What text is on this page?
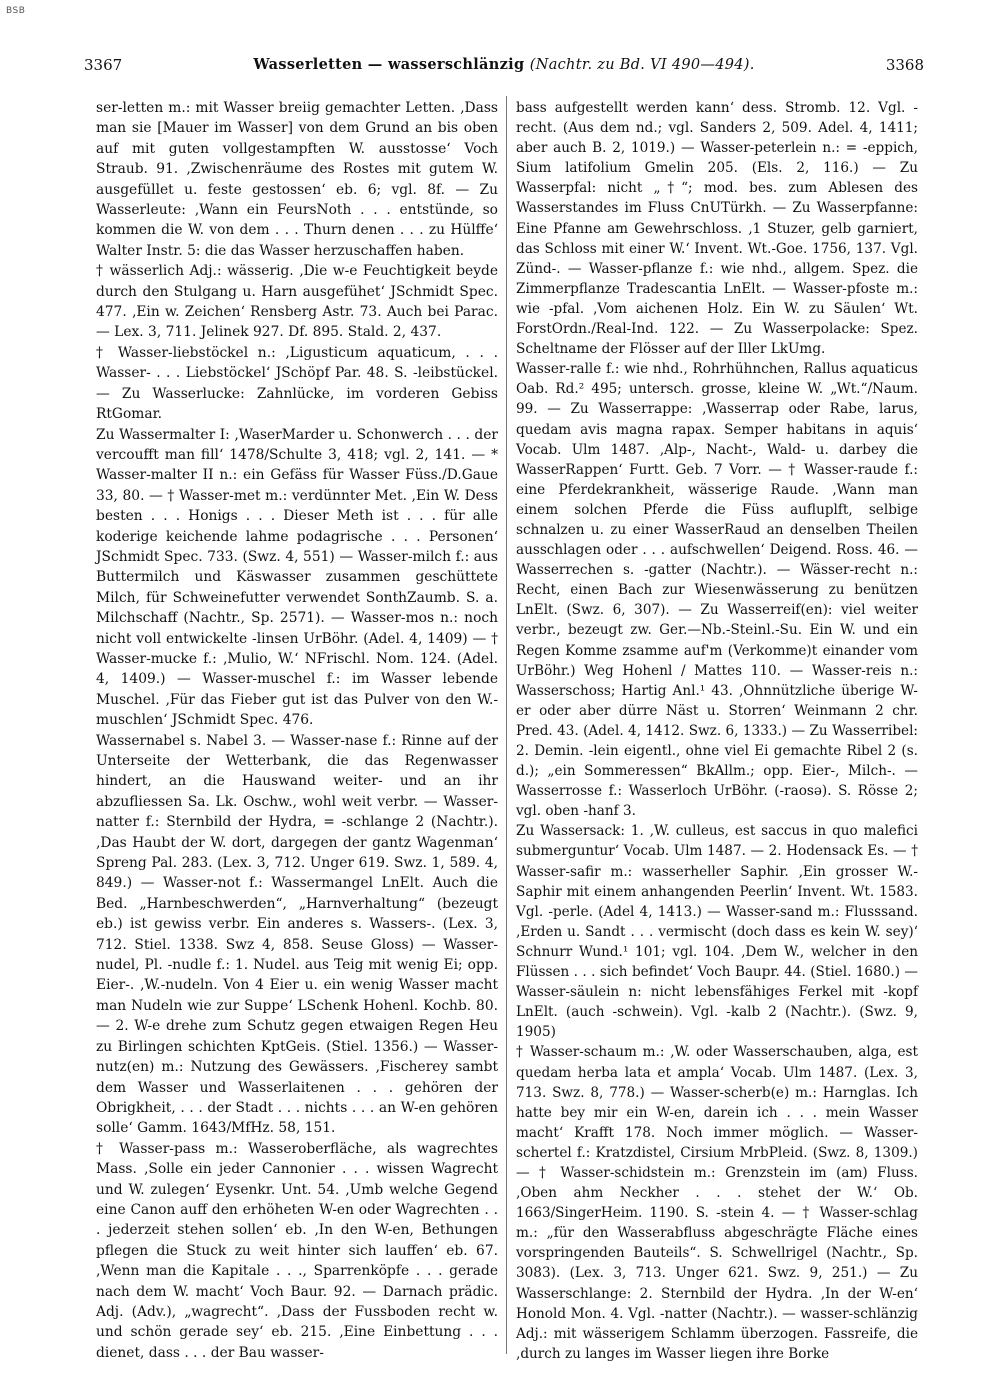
BSB
3367	Wasserletten — wasserschlänzig (Nachtr. zu Bd. VI 490—494).	3368

ser-letten m.: mit Wasser breiig gemachter Letten. ‚Dass man sie [Mauer im Wasser] von dem Grund an bis oben auf mit guten vollgestampften W. ausstosse‘ Voch Straub. 91. ‚Zwischenräume des Rostes mit gutem W. ausgefüllet u. feste gestossen‘ eb. 6; vgl. 8f. — Zu Wasserleute: ‚Wann ein FeursNoth . . . entstünde, so kommen die W. von dem . . . Thurn denen . . . zu Hülffe‘ Walter Instr. 5: die das Wasser herzuschaffen haben.

† wässerlich Adj.: wässerig. ‚Die w-e Feuchtigkeit beyde durch den Stulgang u. Harn ausgefühet‘ JSchmidt Spec. 477. ‚Ein w. Zeichen‘ Rensberg Astr. 73. Auch bei Parac. — Lex. 3, 711. Jelinek 927. Df. 895. Stald. 2, 437.

† Wasser-liebstöckel n.: ‚Ligusticum aquaticum, . . . Wasser- . . . Liebstöckel‘ JSchöpf Par. 48. S. -leibstückel. — Zu Wasserlucke: Zahnlücke, im vorderen Gebiss RtGomar.

Zu Wassermalter I: ‚WaserMarder u. Schonwerch . . . der vercoufft man fill‘ 1478/Schulte 3, 418; vgl. 2, 141. — * Wasser-malter II n.: ein Gefäss für Wasser Füss./D.Gaue 33, 80. — † Wasser-met m.: verdünnter Met. ‚Ein W. Dess besten . . . Honigs . . . Dieser Meth ist . . . für alle koderige keichende lahme podagrische . . . Personen‘ JSchmidt Spec. 733. (Swz. 4, 551) — Wasser-milch f.: aus Buttermilch und Käswasser zusammen geschüttete Milch, für Schweinefutter verwendet SonthZaumb. S. a. Milchschaff (Nachtr., Sp. 2571). — Wasser-mos n.: noch nicht voll entwickelte -linsen UrBöhr. (Adel. 4, 1409) — † Wasser-mucke f.: ‚Mulio, W.‘ NFrischl. Nom. 124. (Adel. 4, 1409.) — Wasser-muschel f.: im Wasser lebende Muschel. ‚Für das Fieber gut ist das Pulver von den W.-muschlen‘ JSchmidt Spec. 476.

Wassernabel s. Nabel 3. — Wasser-nase f.: Rinne auf der Unterseite der Wetterbank, die das Regenwasser hindert, an die Hauswand weiter- und an ihr abzufliessen Sa. Lk. Oschw., wohl weit verbr. — Wasser-natter f.: Sternbild der Hydra, = -schlange 2 (Nachtr.). ‚Das Haubt der W. dort, dargegen der gantz Wagenman‘ Spreng Pal. 283. (Lex. 3, 712. Unger 619. Swz. 1, 589. 4, 849.) — Wasser-not f.: Wassermangel LnElt. Auch die Bed. „Harnbeschwerden“, „Harnverhaltung“ (bezeugt eb.) ist gewiss verbr. Ein anderes s. Wassers-. (Lex. 3, 712. Stiel. 1338. Swz 4, 858. Seuse Gloss) — Wasser-nudel, Pl. -nudle f.: 1. Nudel. aus Teig mit wenig Ei; opp. Eier-. ‚W.-nudeln. Von 4 Eier u. ein wenig Wasser macht man Nudeln wie zur Suppe‘ LSchenk Hohenl. Kochb. 80. — 2. W-e drehe zum Schutz gegen etwaigen Regen Heu zu Birlingen schichten KptGeis. (Stiel. 1356.) — Wasser-nutz(en) m.: Nutzung des Gewässers. ‚Fischerey sambt dem Wasser und Wasserlaitenen . . . gehören der Obrigkheit, . . . der Stadt . . . nichts . . . an W-en gehören solle‘ Gamm. 1643/MfHz. 58, 151.

† Wasser-pass m.: Wasseroberfläche, als wagrechtes Mass. ‚Solle ein jeder Cannonier . . . wissen Wagrecht und W. zulegen‘ Eysenkr. Unt. 54. ‚Umb welche Gegend eine Canon auff den erhöheten W-en oder Wagrechten . . . jederzeit stehen sollen‘ eb. ‚In den W-en, Bethungen pflegen die Stuck zu weit hinter sich lauffen‘ eb. 67. ‚Wenn man die Kapitale . . ., Sparrenköpfe . . . gerade nach dem W. macht‘ Voch Baur. 92. — Darnach prädic. Adj. (Adv.), „wagrecht“. ‚Dass der Fussboden recht w. und schön gerade sey‘ eb. 215. ‚Eine Einbettung . . . dienet, dass . . . der Bau wasser-

bass aufgestellt werden kann‘ dess. Stromb. 12. Vgl. -recht. (Aus dem nd.; vgl. Sanders 2, 509. Adel. 4, 1411; aber auch B. 2, 1019.) — Wasser-peterlein n.: = -eppich, Sium latifolium Gmelin 205. (Els. 2, 116.) — Zu Wasserpfal: nicht „†“; mod. bes. zum Ablesen des Wasserstandes im Fluss CnUTürkh. — Zu Wasserpfanne: Eine Pfanne am Gewehrschloss. ‚1 Stuzer, gelb garniert, das Schloss mit einer W.‘ Invent. Wt.-Goe. 1756, 137. Vgl. Zünd-. — Wasser-pflanze f.: wie nhd., allgem. Spez. die Zimmerpflanze Tradescantia LnElt. — Wasser-pfoste m.: wie -pfal. ‚Vom aichenen Holz. Ein W. zu Säulen‘ Wt. ForstOrdn./Real-Ind. 122. — Zu Wasserpolacke: Spez. Scheltname der Flösser auf der Iller LkUmg.

Wasser-ralle f.: wie nhd., Rohrhühnchen, Rallus aquaticus Oab. Rd.² 495; untersch. grosse, kleine W. „Wt.“/Naum. 99. — Zu Wasserrappe: ‚Wasserrap oder Rabe, larus, quedam avis magna rapax. Semper habitans in aquis‘ Vocab. Ulm 1487. ‚Alp-, Nacht-, Wald- u. darbey die WasserRappen‘ Furtt. Geb. 7 Vorr. — † Wasser-raude f.: eine Pferdekrankheit, wässerige Raude. ‚Wann man einem solchen Pferde die Füss aufluplft, selbige schnalzen u. zu einer WasserRaud an denselben Theilen ausschlagen oder . . . aufschwellen‘ Deigend. Ross. 46. — Wasserrechen s. -gatter (Nachtr.). — Wässer-recht n.: Recht, einen Bach zur Wiesenwässerung zu benützen LnElt. (Swz. 6, 307). — Zu Wasserreif(en): viel weiter verbr., bezeugt zw. Ger.—Nb.-Steinl.-Su. Ein W. und ein Regen Komme zsamme auf'm (Verkomme)t einander vom UrBöhr.) Weg Hohenl / Mattes 110. — Wasser-reis n.: Wasserschoss; Hartig Anl.¹ 43. ‚Ohnnützliche überige W-er oder aber dürre Näst u. Storren‘ Weinmann 2 chr. Pred. 43. (Adel. 4, 1412. Swz. 6, 1333.) — Zu Wasserribel: 2. Demin. -lein eigentl., ohne viel Ei gemachte Ribel 2 (s. d.); „ein Sommeressen“ BkAllm.; opp. Eier-, Milch-. — Wasserrosse f.: Wasserloch UrBöhr. (-raosə). S. Rösse 2; vgl. oben -hanf 3.

Zu Wassersack: 1. ‚W. culleus, est saccus in quo malefici submerguntur‘ Vocab. Ulm 1487. — 2. Hodensack Es. — † Wasser-safir m.: wasserheller Saphir. ‚Ein grosser W.-Saphir mit einem anhangenden Peerlin‘ Invent. Wt. 1583. Vgl. -perle. (Adel 4, 1413.) — Wasser-sand m.: Flusssand. ‚Erden u. Sandt . . . vermischt (doch dass es kein W. sey)‘ Schnurr Wund.¹ 101; vgl. 104. ‚Dem W., welcher in den Flüssen . . . sich befindet‘ Voch Baupr. 44. (Stiel. 1680.) — Wasser-säulein n: nicht lebensfähiges Ferkel mit -kopf LnElt. (auch -schwein). Vgl. -kalb 2 (Nachtr.). (Swz. 9, 1905)

† Wasser-schaum m.: ‚W. oder Wasserschauben, alga, est quedam herba lata et ampla‘ Vocab. Ulm 1487. (Lex. 3, 713. Swz. 8, 778.) — Wasser-scherb(e) m.: Harnglas. Ich hatte bey mir ein W-en, darein ich . . . mein Wasser macht‘ Krafft 178. Noch immer möglich. — Wasser-schertel f.: Kratzdistel, Cirsium MrbPleid. (Swz. 8, 1309.) — † Wasser-schidstein m.: Grenzstein im (am) Fluss. ‚Oben ahm Neckher . . . stehet der W.‘ Ob. 1663/SingerHeim. 1190. S. -stein 4. — † Wasser-schlag m.: „für den Wasserabfluss abgeschrägte Fläche eines vorspringenden Bauteils“. S. Schwellrigel (Nachtr., Sp. 3083). (Lex. 3, 713. Unger 621. Swz. 9, 251.) — Zu Wasserschlange: 2. Sternbild der Hydra. ‚In der W-en‘ Honold Mon. 4. Vgl. -natter (Nachtr.). — wasser-schlänzig Adj.: mit wässerigem Schlamm überzogen. Fassreife, die ‚durch zu langes im Wasser liegen ihre Borke
